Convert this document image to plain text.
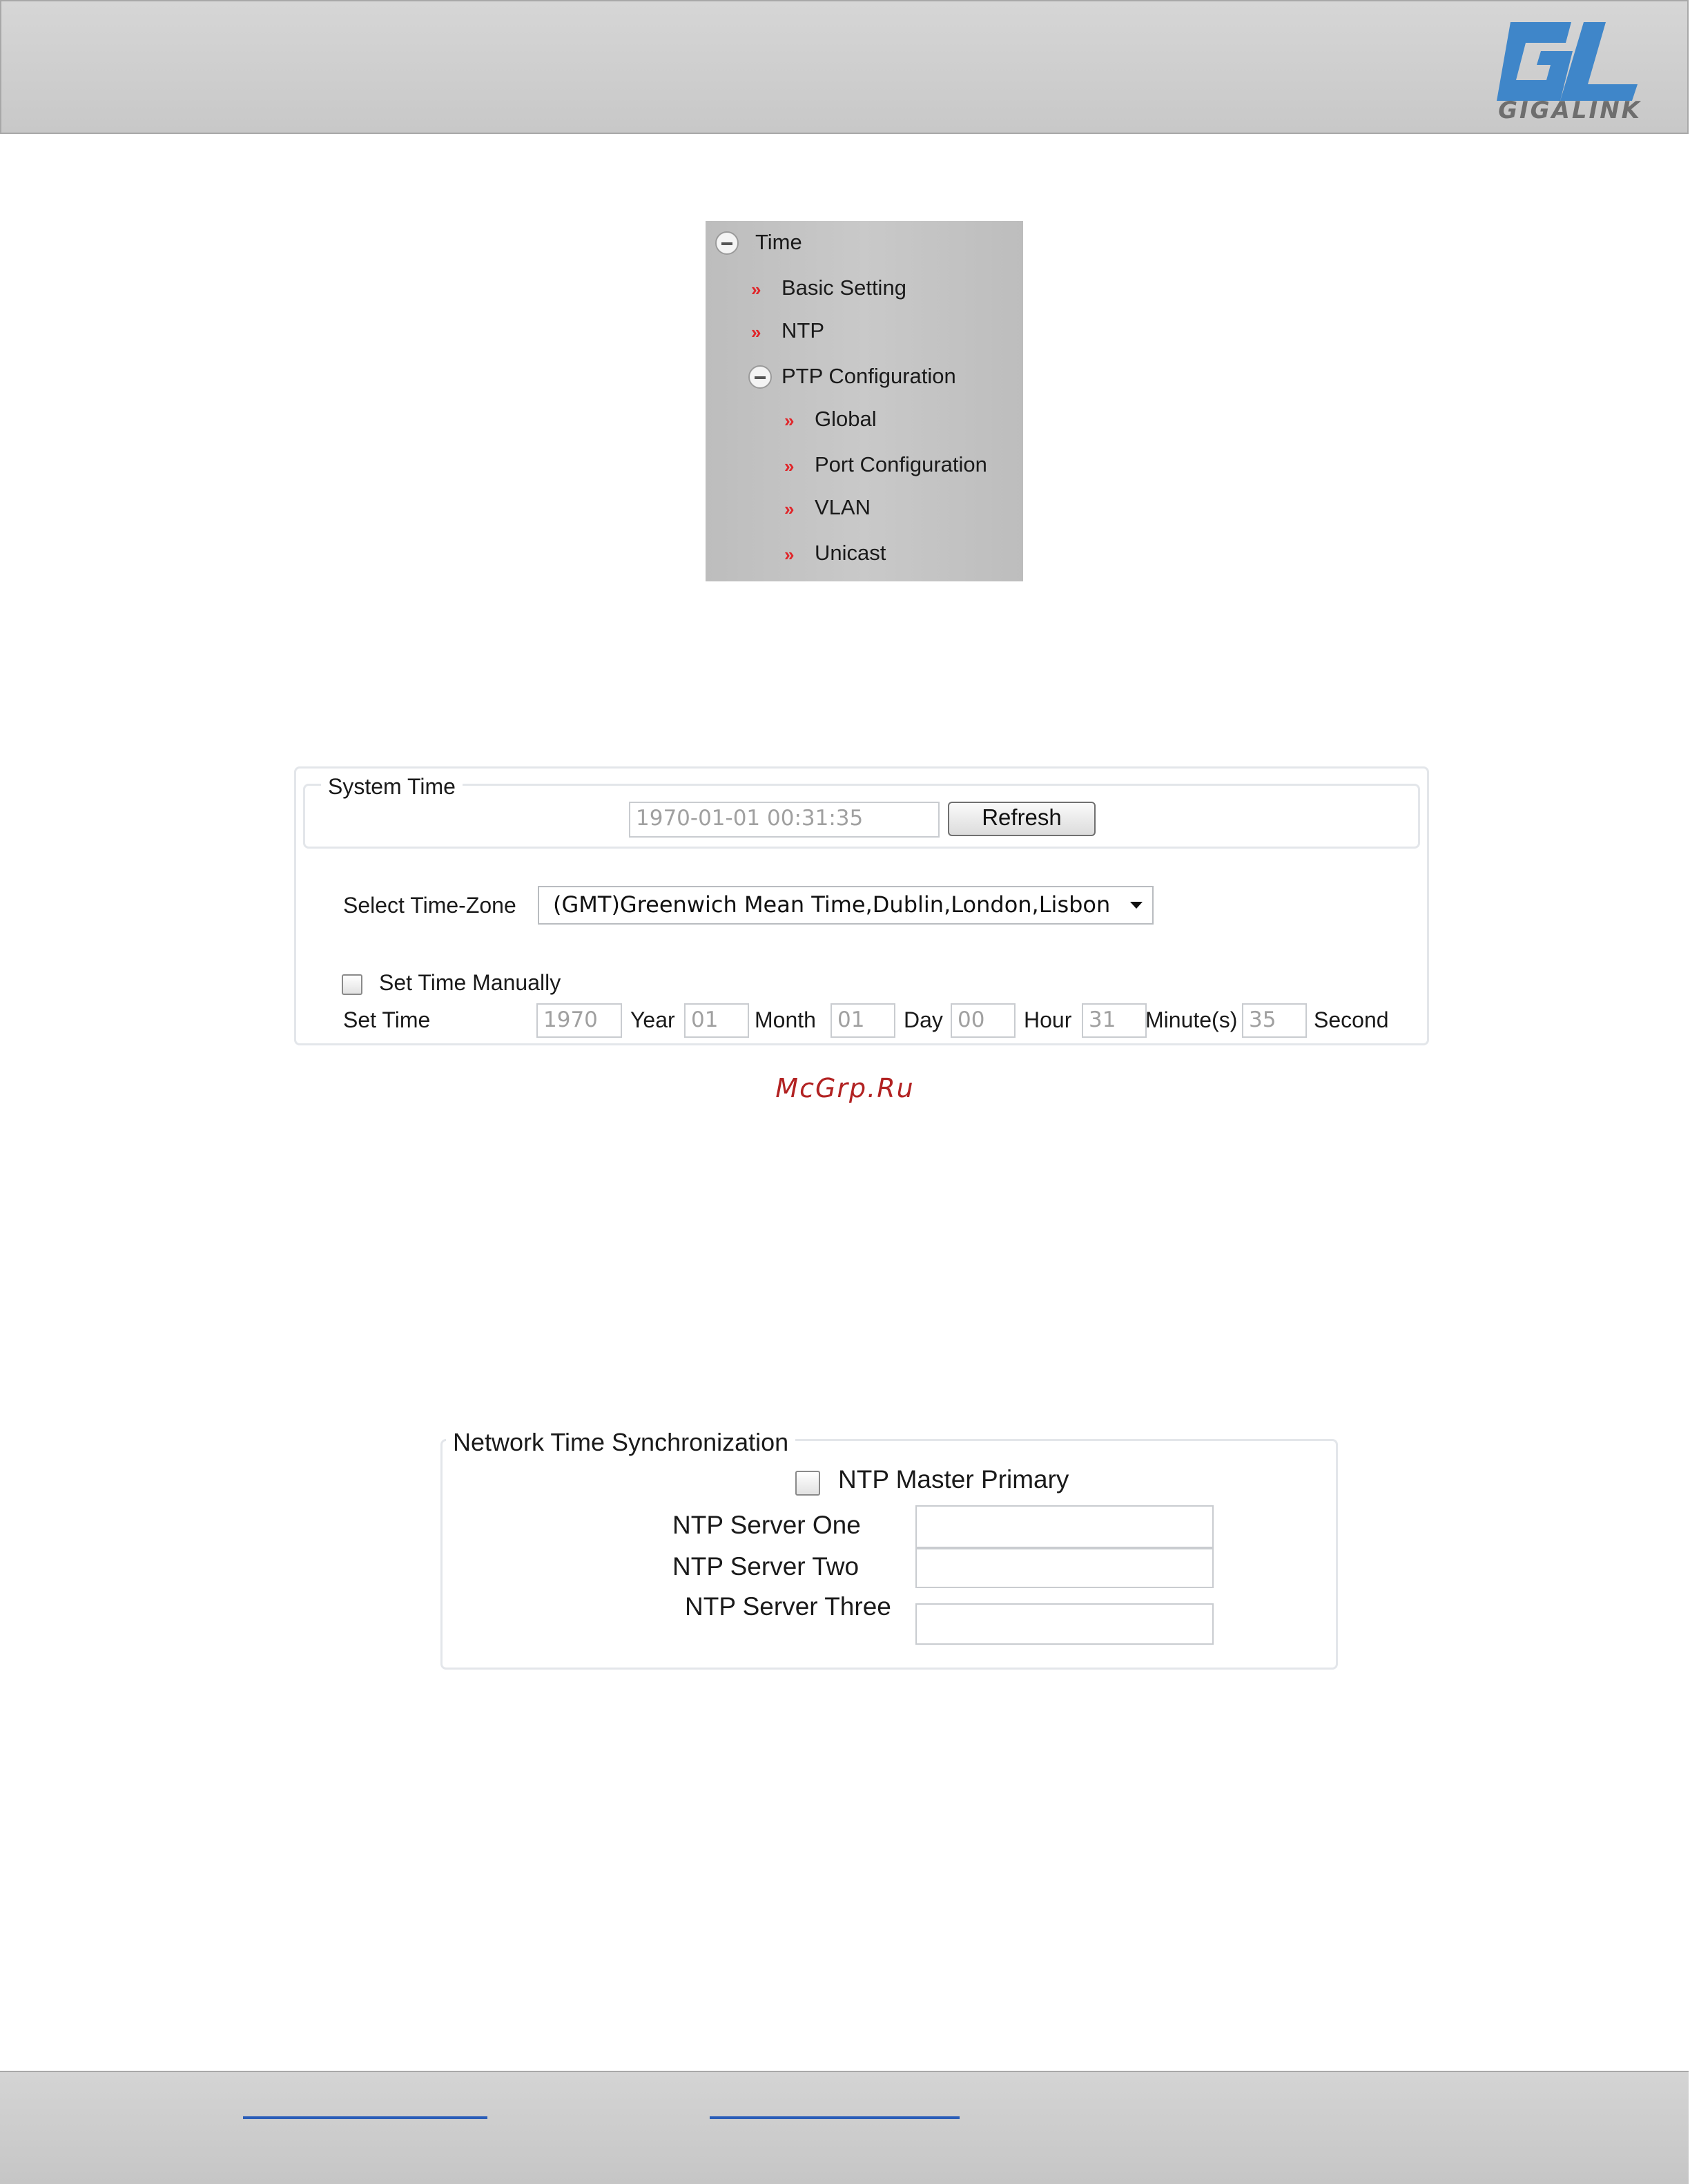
GIGALINK
Time
» Basic Setting
» NTP
PTP Configuration
» Global
» Port Configuration
» VLAN
» Unicast
System Time
1970-01-01 00:31:35	Refresh
Select Time-Zone	(GMT)Greenwich Mean Time,Dublin,London,Lisbon
Set Time Manually
Set Time	1970	Year 01	Month	01	Day 00	Hour 31	Minute(s) 35	Second
McGrp.Ru
Network Time Synchronization
NTP Master Primary
NTP Server One
NTP Server Two
NTP Server Three
